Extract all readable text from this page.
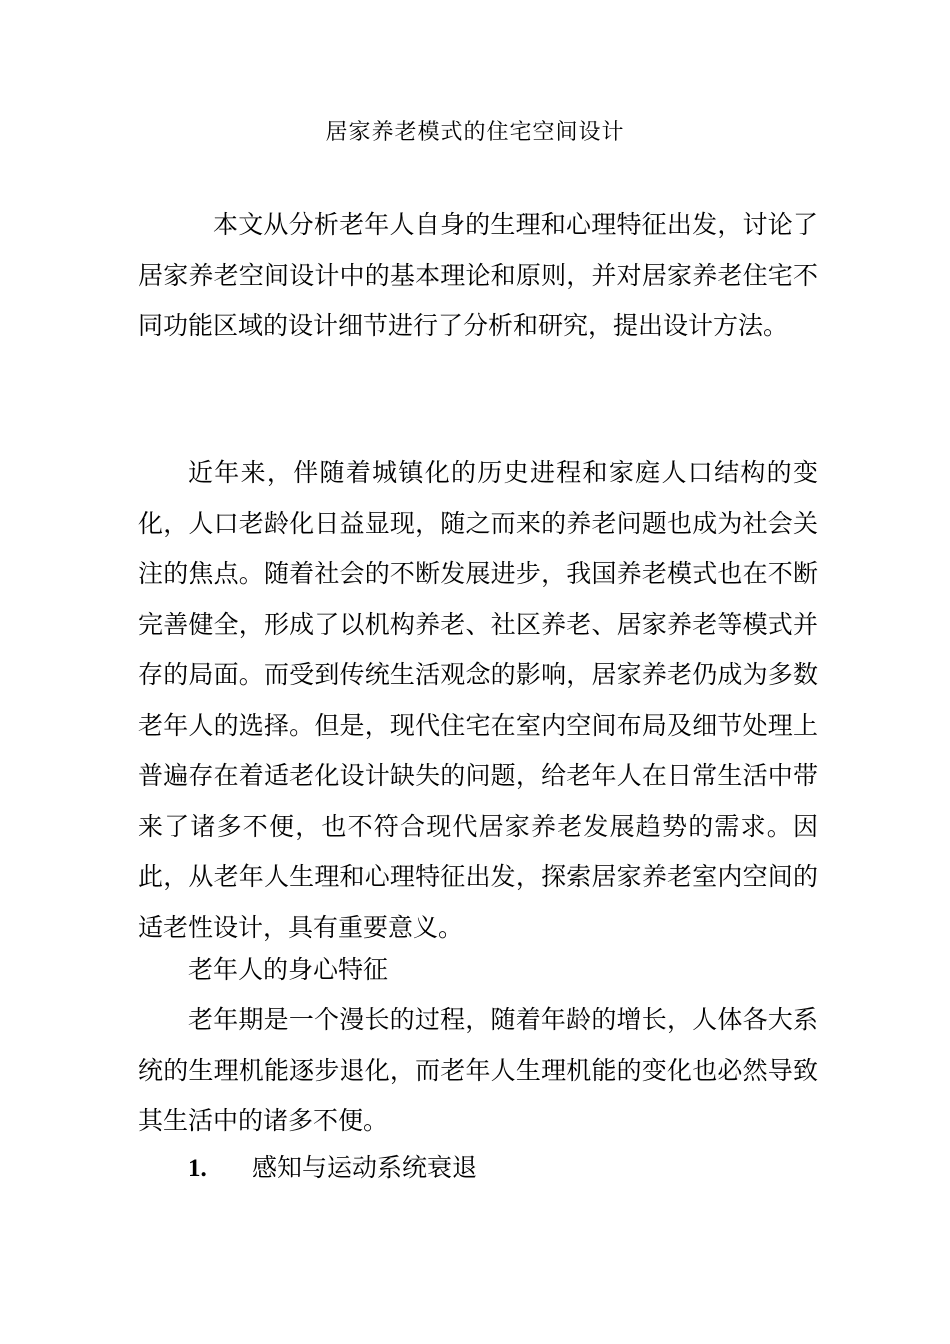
居家养老模式的住宅空间设计
本文从分析老年人自身的生理和心理特征出发，讨论了居家养老空间设计中的基本理论和原则，并对居家养老住宅不同功能区域的设计细节进行了分析和研究，提出设计方法。
近年来，伴随着城镇化的历史进程和家庭人口结构的变化，人口老龄化日益显现，随之而来的养老问题也成为社会关注的焦点。随着社会的不断发展进步，我国养老模式也在不断完善健全，形成了以机构养老、社区养老、居家养老等模式并存的局面。而受到传统生活观念的影响，居家养老仍成为多数老年人的选择。但是，现代住宅在室内空间布局及细节处理上普遍存在着适老化设计缺失的问题，给老年人在日常生活中带来了诸多不便，也不符合现代居家养老发展趋势的需求。因此，从老年人生理和心理特征出发，探索居家养老室内空间的适老性设计，具有重要意义。
老年人的身心特征
老年期是一个漫长的过程，随着年龄的增长，人体各大系统的生理机能逐步退化，而老年人生理机能的变化也必然导致其生活中的诸多不便。
1. 感知与运动系统衰退
